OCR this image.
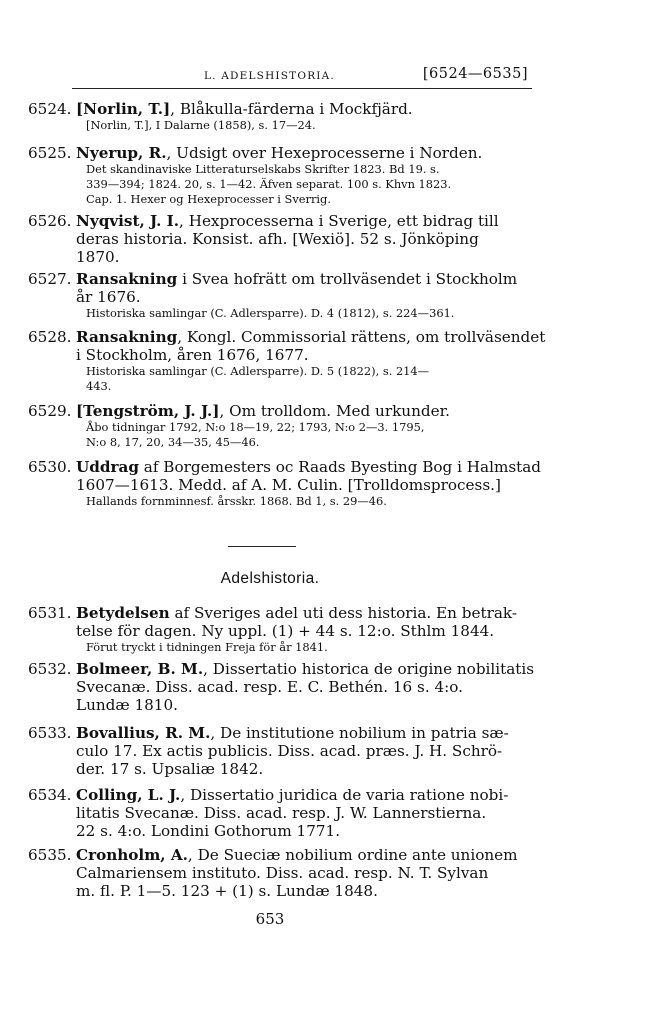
L. ADELSHISTORIA.	[6524—6535]
6524. [Norlin, T.], Blåkulla-färderna i Mockfjärd.
[Norlin, T.], I Dalarne (1858), s. 17—24.
6525. Nyerup, R., Udsigt over Hexeprocesserne i Norden.
Det skandinaviske Litteraturselskabs Skrifter 1823. Bd 19. s.
339—394; 1824. 20, s. 1—42. Äfven separat. 100 s. Khvn 1823.
Cap. 1. Hexer og Hexeprocesser i Sverrig.
6526. Nyqvist, J. I., Hexprocesserna i Sverige, ett bidrag till
deras historia. Konsist. afh. [Wexiö]. 52 s. Jönköping
1870.
6527. Ransakning i Svea hofrätt om trollväsendet i Stockholm
år 1676.
Historiska samlingar (C. Adlersparre). D. 4 (1812), s. 224—361.
6528. Ransakning, Kongl. Commissorial rättens, om trollväsendet
i Stockholm, åren 1676, 1677.
Historiska samlingar (C. Adlersparre). D. 5 (1822), s. 214—
443.
6529. [Tengström, J. J.], Om trolldom. Med urkunder.
Åbo tidningar 1792, N:o 18—19, 22; 1793, N:o 2—3. 1795,
N:o 8, 17, 20, 34—35, 45—46.
6530. Uddrag af Borgemesters oc Raads Byesting Bog i Halmstad
1607—1613. Medd. af A. M. Culin. [Trolldomsprocess.]
Hallands fornminnesf. årsskr. 1868. Bd 1, s. 29—46.
Adelshistoria.
6531. Betydelsen af Sveriges adel uti dess historia. En betrak-
telse för dagen. Ny uppl. (1) + 44 s. 12:o. Sthlm 1844.
Förut tryckt i tidningen Freja för år 1841.
6532. Bolmeer, B. M., Dissertatio historica de origine nobilitatis
Svecanæ. Diss. acad. resp. E. C. Bethén. 16 s. 4:o.
Lundæ 1810.
6533. Bovallius, R. M., De institutione nobilium in patria sæ-
culo 17. Ex actis publicis. Diss. acad. præs. J. H. Schrö-
der. 17 s. Upsaliæ 1842.
6534. Colling, L. J., Dissertatio juridica de varia ratione nobi-
litatis Svecanæ. Diss. acad. resp. J. W. Lannerstierna.
22 s. 4:o. Londini Gothorum 1771.
6535. Cronholm, A., De Sueciæ nobilium ordine ante unionem
Calmariensem instituto. Diss. acad. resp. N. T. Sylvan
m. fl. P. 1—5. 123 + (1) s. Lundæ 1848.
653
